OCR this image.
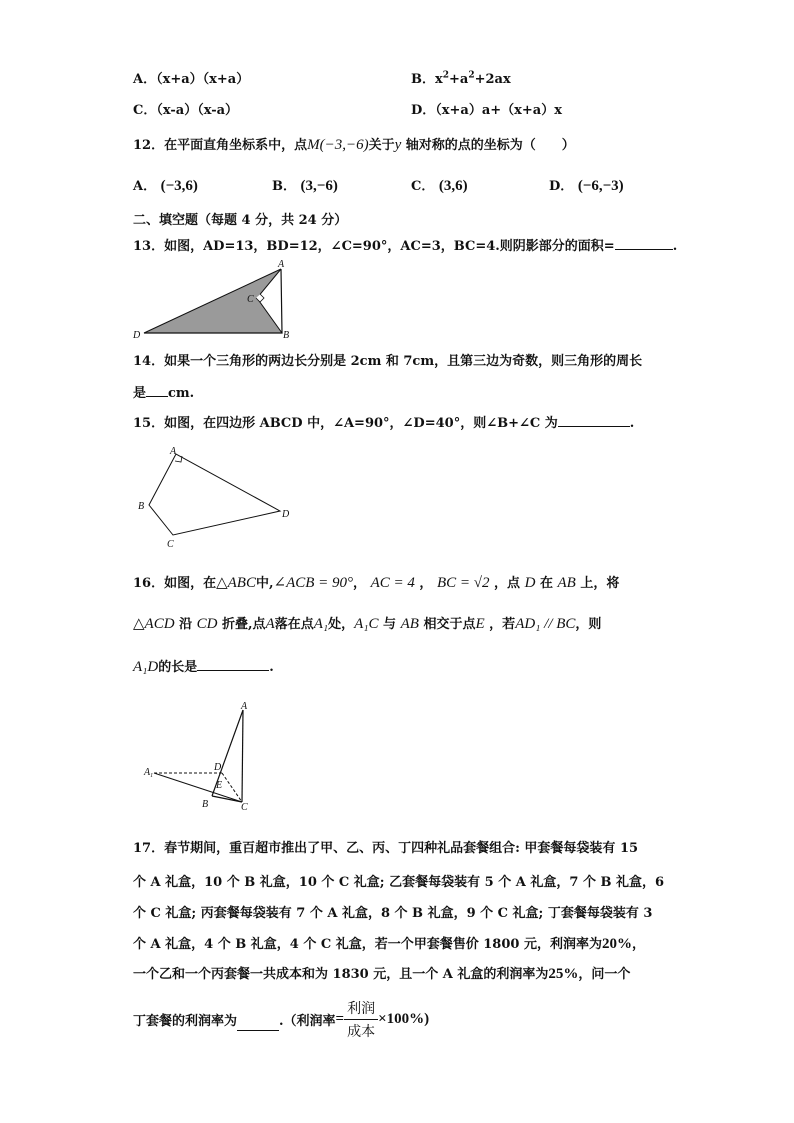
A．（x+a）（x+a）	B．$x^2+a^2+2ax$
C．（x-a）（x-a）	D．（x+a）a+（x+a）x
12．在平面直角坐标系中，点M(−3,−6)关于y 轴对称的点的坐标为（　　）
A． (−3,6)	B． (3,−6)	C． (3,6)	D． (−6,−3)
二、填空题（每题 4 分，共 24 分）
13．如图，AD=13，BD=12，∠C=90°，AC=3，BC=4.则阴影部分的面积=	.
A
C
D	B
14．如果一个三角形的两边长分别是 2cm 和 7cm，且第三边为奇数，则三角形的周长
是 cm.
15．如图，在四边形 ABCD 中，∠A=90°，∠D=40°，则∠B+∠C 为	.
A
B
C
D
16．如图，在△ABC中,∠ACB = 90°， AC = 4 ， BC = √2 ，点 D 在 AB 上，将
△ACD 沿 CD 折叠,点A落在点A₁处，A₁C 与 AB 相交于点E ，若AD₁ // BC，则
A₁D的长是	.
A
$A_1$
D
E
B	C
17．春节期间，重百超市推出了甲、乙、丙、丁四种礼品套餐组合: 甲套餐每袋装有 15
个 A 礼盒，10 个 B 礼盒，10 个 C 礼盒; 乙套餐每袋装有 5 个 A 礼盒，7 个 B 礼盒，6
个 C 礼盒; 丙套餐每袋装有 7 个 A 礼盒，8 个 B 礼盒，9 个 C 礼盒; 丁套餐每袋装有 3
个 A 礼盒，4 个 B 礼盒，4 个 C 礼盒，若一个甲套餐售价 1800 元，利润率为20%，
一个乙和一个丙套餐一共成本和为 1830 元，且一个 A 礼盒的利润率为25%，问一个
丁套餐的利润率为	.（利润率 = $\frac{\text{利润}}{\text{成本}} \times 100\%$)
